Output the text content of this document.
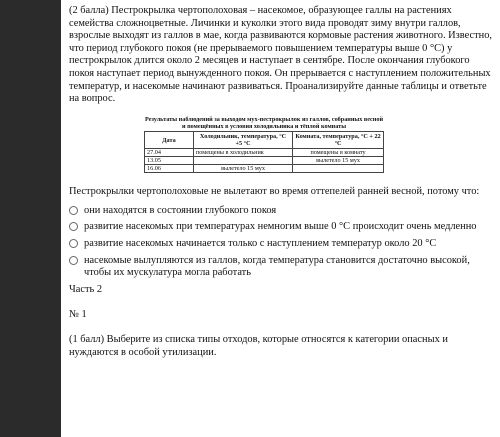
(2 балла) Пестрокрылка чертополоховая – насекомое, образующее галлы на растениях семейства сложноцветные. Личинки и куколки этого вида проводят зиму внутри галлов, взрослые выходят из галлов в мае, когда развиваются кормовые растения животного. Известно, что период глубокого покоя (не прерываемого повышением температуры выше 0 °С) у пестрокрылок длится около 2 месяцев и наступает в сентябре. После окончания глубокого покоя наступает период вынужденного покоя. Он прерывается с наступлением положительных температур, и насекомые начинают развиваться. Проанализируйте данные таблицы и ответьте на вопрос.

Результаты наблюдений за выходом мух-пестрокрылок из галлов, собранных весной и помещённых в условия холодильника и тёплой комнаты
Дата	Холодильник, температура, °С +5 °С	Комната, температура, °С + 22 °С
27.04	помещены в холодильник	помещены в комнату
13.05		вылетело 15 мух
16.06	вылетело 15 мух	

Пестрокрылки чертополоховые не вылетают во время оттепелей ранней весной, потому что:

они находятся в состоянии глубокого покоя
развитие насекомых при температурах немногим выше 0 °С происходит очень медленно
развитие насекомых начинается только с наступлением температур около 20 °С
насекомые вылупляются из галлов, когда температура становится достаточно высокой, чтобы их мускулатура могла работать

Часть 2

№ 1

(1 балл) Выберите из списка типы отходов, которые относятся к категории опасных и нуждаются в особой утилизации.
